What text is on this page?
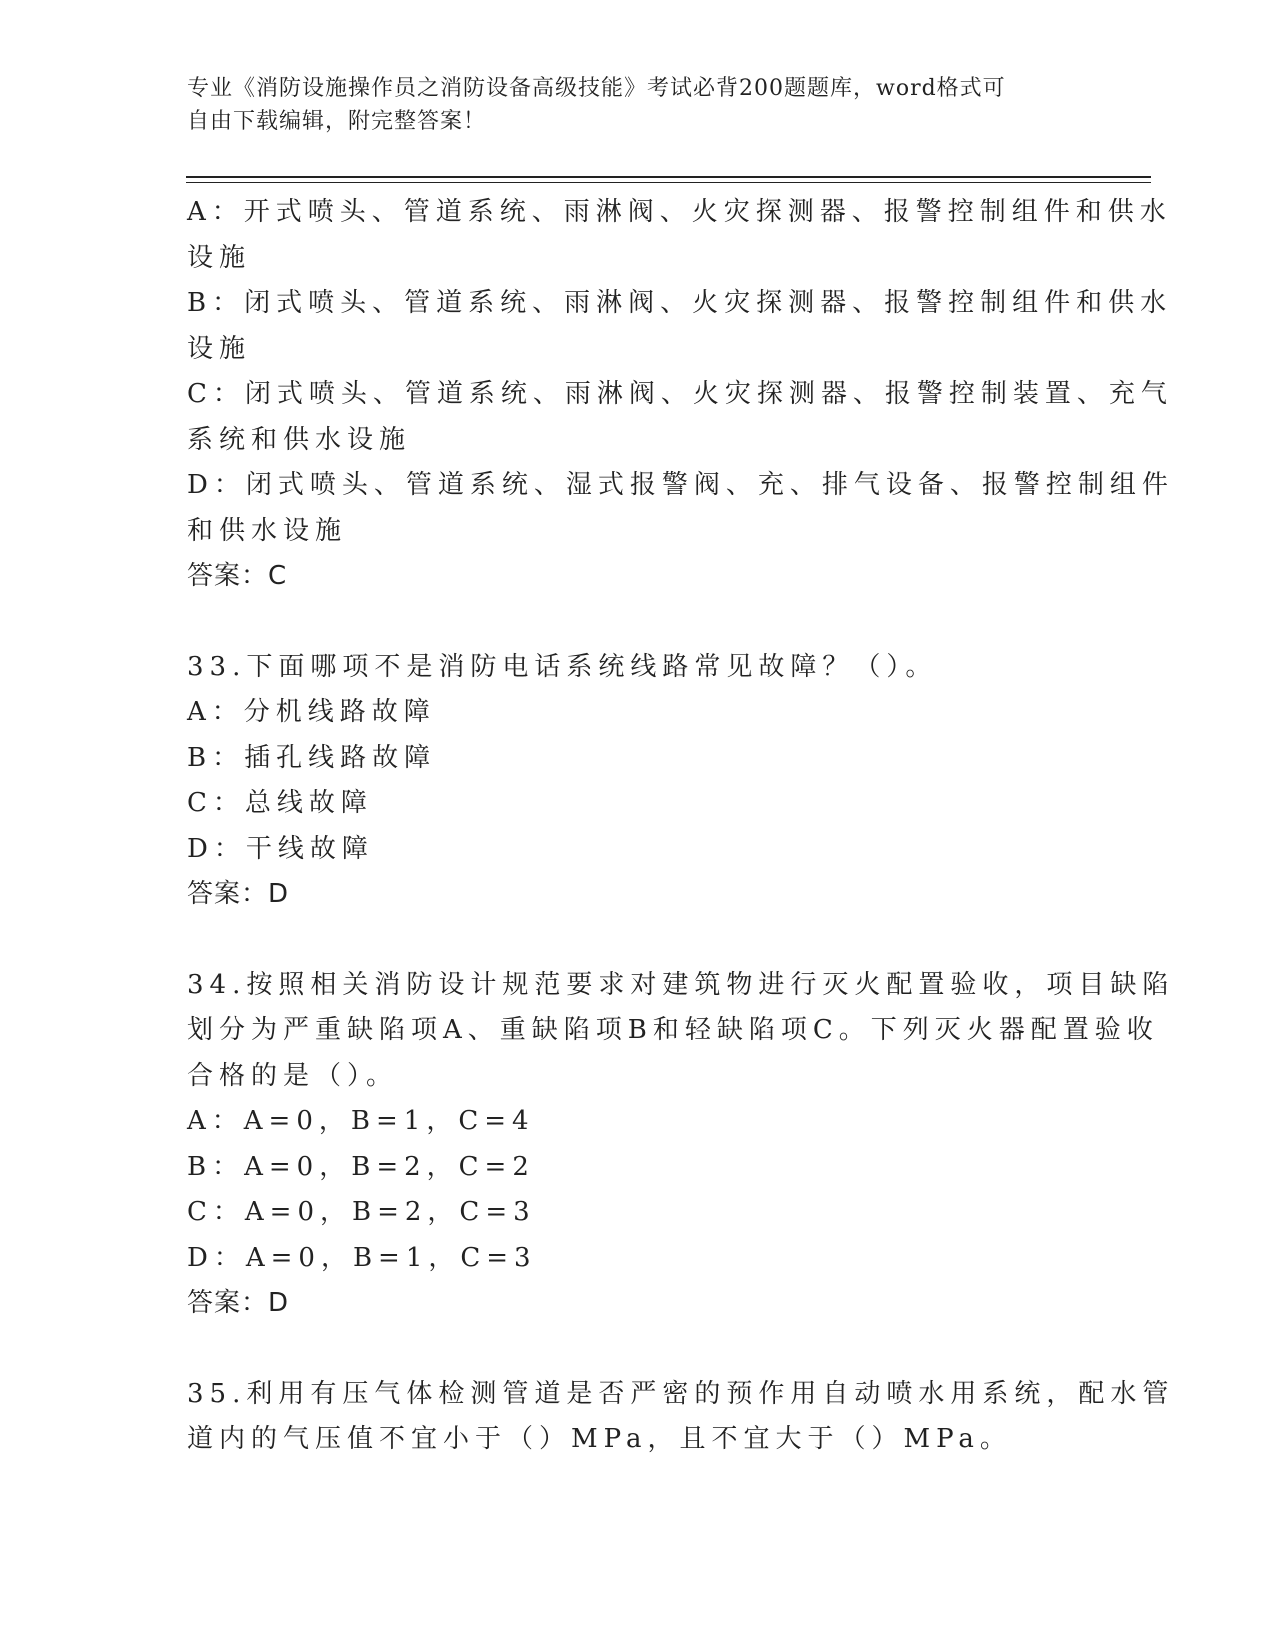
专业《消防设施操作员之消防设备高级技能》考试必背200题题库，word格式可
自由下载编辑，附完整答案！
A：开式喷头、管道系统、雨淋阀、火灾探测器、报警控制组件和供水
设施
B：闭式喷头、管道系统、雨淋阀、火灾探测器、报警控制组件和供水
设施
C：闭式喷头、管道系统、雨淋阀、火灾探测器、报警控制装置、充气
系统和供水设施
D：闭式喷头、管道系统、湿式报警阀、充、排气设备、报警控制组件
和供水设施
答案：C
33.下面哪项不是消防电话系统线路常见故障？（）。
A：分机线路故障
B：插孔线路故障
C：总线故障
D：干线故障
答案：D
34.按照相关消防设计规范要求对建筑物进行灭火配置验收，项目缺陷
划分为严重缺陷项A、重缺陷项B和轻缺陷项C。下列灭火器配置验收
合格的是（）。
A：A=0，B=1，C=4
B：A=0，B=2，C=2
C：A=0，B=2，C=3
D：A=0，B=1，C=3
答案：D
35.利用有压气体检测管道是否严密的预作用自动喷水用系统，配水管
道内的气压值不宜小于（）MPa，且不宜大于（）MPa。
